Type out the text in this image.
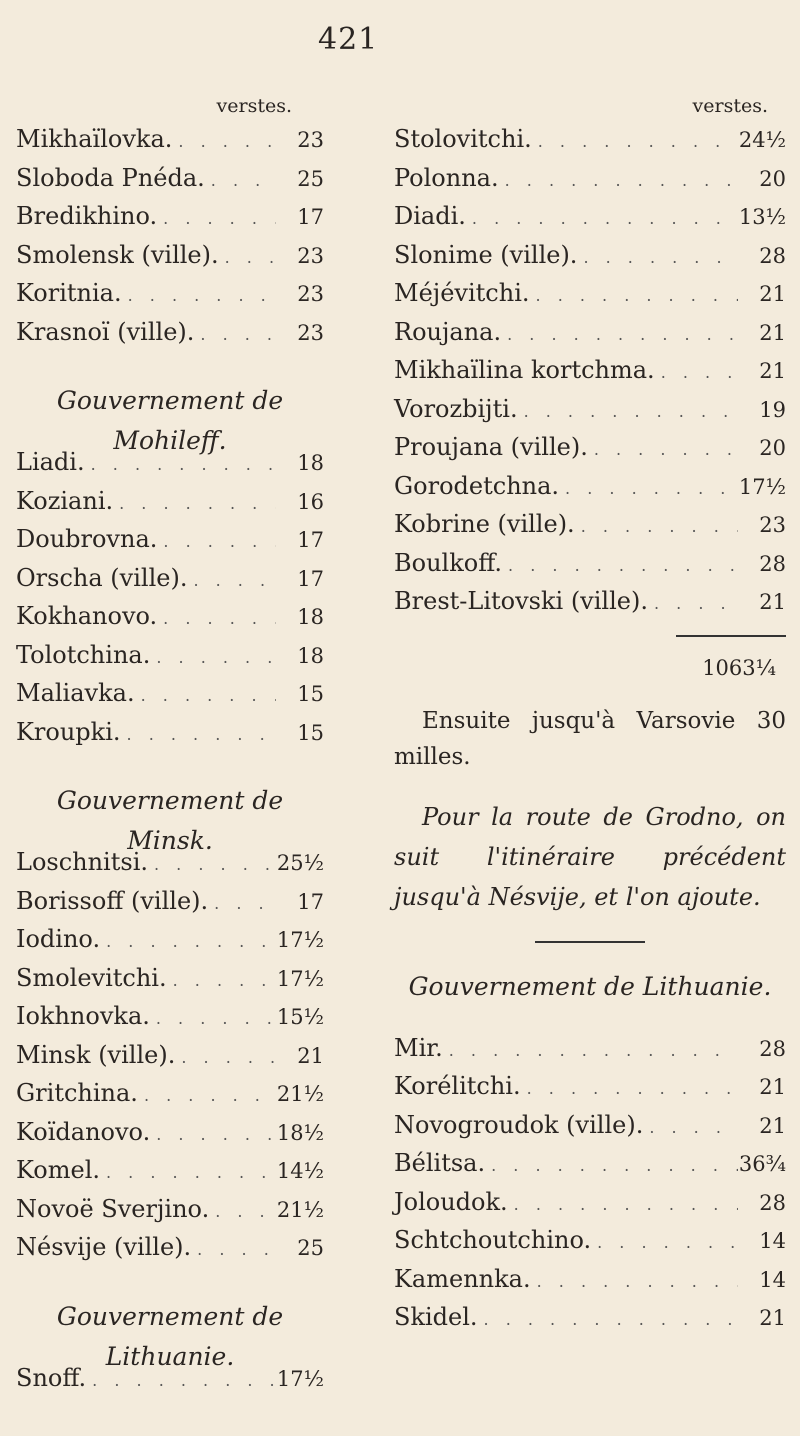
421
verstes.
Mikhaïlovka. . . .	23
Sloboda Pnéda. . . .	25
Bredikhino. . . .	17
Smolensk (ville). . . .	23
Koritnia. . . .	23
Krasnoï (ville). . . .	23
Gouvernement de Mohileff.
Liadi. . . .	18
Koziani. . . .	16
Doubrovna. . . .	17
Orscha (ville). . . .	17
Kokhanovo. . . .	18
Tolotchina. . . .	18
Maliavka. . . .	15
Kroupki. . . .	15
Gouvernement de Minsk.
Loschnitsi. . . .	25½
Borissoff (ville). . . .	17
Iodino. . . .	17½
Smolevitchi. . . .	17½
Iokhnovka. . . .	15½
Minsk (ville). . . .	21
Gritchina. . . .	21½
Koïdanovo. . . .	18½
Komel. . . .	14½
Novoë Sverjino. . . .	21½
Nésvije (ville). . . .	25
Gouvernement de Lithuanie.
Snoff. . . .	17½
verstes.
Stolovitchi. . . .	24½
Polonna. . . .	20
Diadi. . . .	13½
Slonime (ville). . . .	28
Méjévitchi. . . .	21
Roujana. . . .	21
Mikhaïlina kortchma. . . .	21
Vorozbijti. . . .	19
Proujana (ville). . . .	20
Gorodetchna. . . .	17½
Kobrine (ville). . . .	23
Boulkoff. . . .	28
Brest-Litovski (ville). . . .	21
1063¼
Ensuite jusqu'à Varsovie 30 milles.
Pour la route de Grodno, on suit l'itinéraire précédent jusqu'à Nésvije, et l'on ajoute.
Gouvernement de Lithuanie.
Mir. . . .	28
Korélitchi. . . .	21
Novogroudok (ville). . . .	21
Bélitsa. . . .	36¾
Joloudok. . . .	28
Schtchoutchino. . . .	14
Kamennka. . . .	14
Skidel. . . .	21
